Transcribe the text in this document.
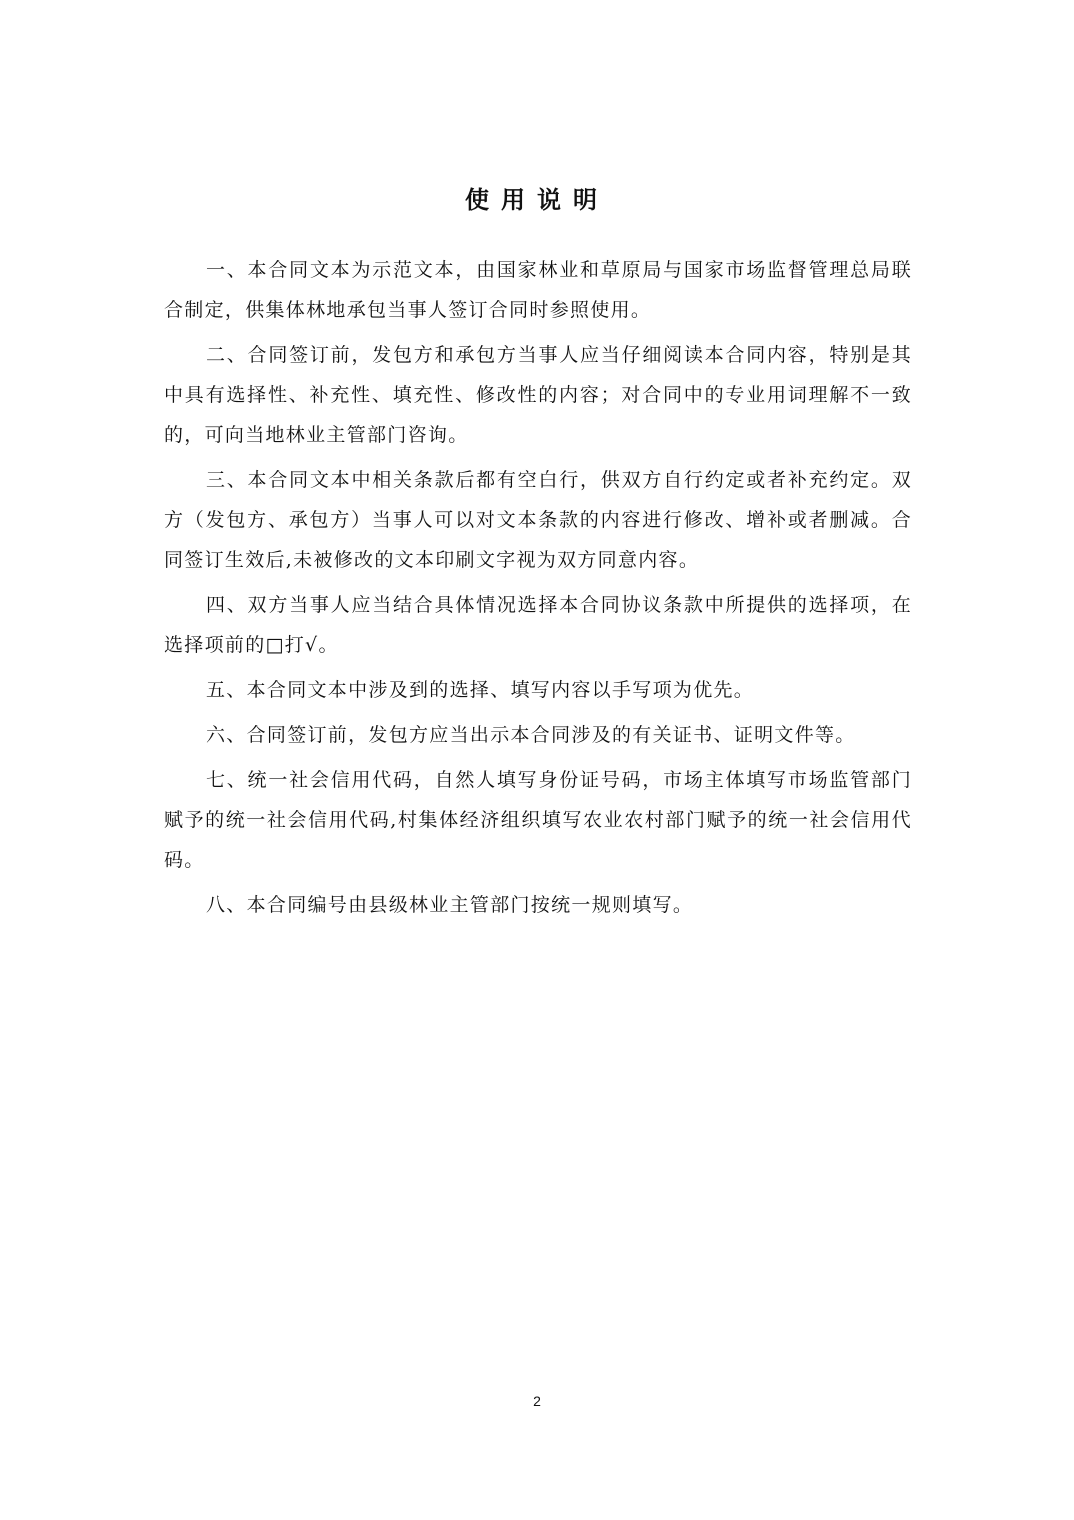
使用说明

一、本合同文本为示范文本，由国家林业和草原局与国家市场监督管理总局联合制定，供集体林地承包当事人签订合同时参照使用。

二、合同签订前，发包方和承包方当事人应当仔细阅读本合同内容，特别是其中具有选择性、补充性、填充性、修改性的内容；对合同中的专业用词理解不一致的，可向当地林业主管部门咨询。

三、本合同文本中相关条款后都有空白行，供双方自行约定或者补充约定。双方（发包方、承包方）当事人可以对文本条款的内容进行修改、增补或者删减。合同签订生效后,未被修改的文本印刷文字视为双方同意内容。

四、双方当事人应当结合具体情况选择本合同协议条款中所提供的选择项，在选择项前的□打√。

五、本合同文本中涉及到的选择、填写内容以手写项为优先。

六、合同签订前，发包方应当出示本合同涉及的有关证书、证明文件等。

七、统一社会信用代码，自然人填写身份证号码，市场主体填写市场监管部门赋予的统一社会信用代码,村集体经济组织填写农业农村部门赋予的统一社会信用代码。

八、本合同编号由县级林业主管部门按统一规则填写。

2
